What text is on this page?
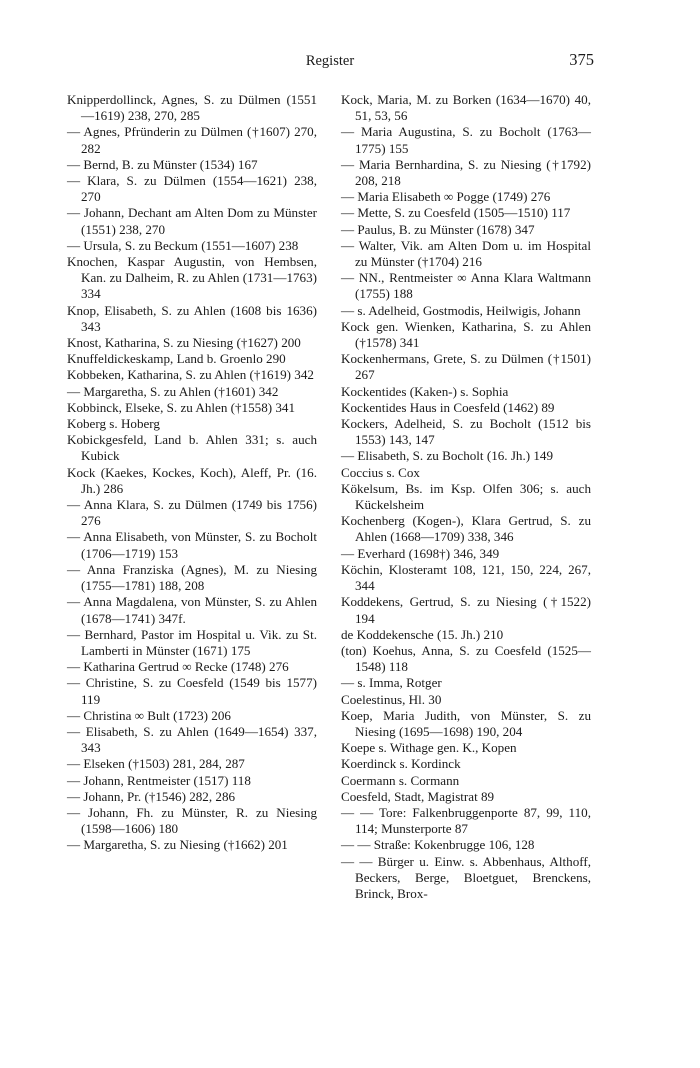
Register	375

Knipperdollinck, Agnes, S. zu Dülmen (1551—1619) 238, 270, 285

— Agnes, Pfründerin zu Dülmen (†1607) 270, 282

— Bernd, B. zu Münster (1534) 167

— Klara, S. zu Dülmen (1554—1621) 238, 270

— Johann, Dechant am Alten Dom zu Münster (1551) 238, 270

— Ursula, S. zu Beckum (1551—1607) 238

Knochen, Kaspar Augustin, von Hembsen, Kan. zu Dalheim, R. zu Ahlen (1731—1763) 334

Knop, Elisabeth, S. zu Ahlen (1608 bis 1636) 343

Knost, Katharina, S. zu Niesing (†1627) 200

Knuffeldickeskamp, Land b. Groenlo 290

Kobbeken, Katharina, S. zu Ahlen (†1619) 342

— Margaretha, S. zu Ahlen (†1601) 342

Kobbinck, Elseke, S. zu Ahlen (†1558) 341

Koberg s. Hoberg

Kobickgesfeld, Land b. Ahlen 331; s. auch Kubick

Kock (Kaekes, Kockes, Koch), Aleff, Pr. (16. Jh.) 286

— Anna Klara, S. zu Dülmen (1749 bis 1756) 276

— Anna Elisabeth, von Münster, S. zu Bocholt (1706—1719) 153

— Anna Franziska (Agnes), M. zu Niesing (1755—1781) 188, 208

— Anna Magdalena, von Münster, S. zu Ahlen (1678—1741) 347f.

— Bernhard, Pastor im Hospital u. Vik. zu St. Lamberti in Münster (1671) 175

— Katharina Gertrud ∞ Recke (1748) 276

— Christine, S. zu Coesfeld (1549 bis 1577) 119

— Christina ∞ Bult (1723) 206

— Elisabeth, S. zu Ahlen (1649—1654) 337, 343

— Elseken (†1503) 281, 284, 287

— Johann, Rentmeister (1517) 118

— Johann, Pr. (†1546) 282, 286

— Johann, Fh. zu Münster, R. zu Niesing (1598—1606) 180

— Margaretha, S. zu Niesing (†1662) 201

Kock, Maria, M. zu Borken (1634—1670) 40, 51, 53, 56

— Maria Augustina, S. zu Bocholt (1763—1775) 155

— Maria Bernhardina, S. zu Niesing (†1792) 208, 218

— Maria Elisabeth ∞ Pogge (1749) 276

— Mette, S. zu Coesfeld (1505—1510) 117

— Paulus, B. zu Münster (1678) 347

— Walter, Vik. am Alten Dom u. im Hospital zu Münster (†1704) 216

— NN., Rentmeister ∞ Anna Klara Waltmann (1755) 188

— s. Adelheid, Gostmodis, Heilwigis, Johann

Kock gen. Wienken, Katharina, S. zu Ahlen (†1578) 341

Kockenhermans, Grete, S. zu Dülmen (†1501) 267

Kockentides (Kaken-) s. Sophia

Kockentides Haus in Coesfeld (1462) 89

Kockers, Adelheid, S. zu Bocholt (1512 bis 1553) 143, 147

— Elisabeth, S. zu Bocholt (16. Jh.) 149

Coccius s. Cox

Kökelsum, Bs. im Ksp. Olfen 306; s. auch Kückelsheim

Kochenberg (Kogen-), Klara Gertrud, S. zu Ahlen (1668—1709) 338, 346

— Everhard (1698†) 346, 349

Köchin, Klosteramt 108, 121, 150, 224, 267, 344

Koddekens, Gertrud, S. zu Niesing (†1522) 194

de Koddekensche (15. Jh.) 210

(ton) Koehus, Anna, S. zu Coesfeld (1525—1548) 118

— s. Imma, Rotger

Coelestinus, Hl. 30

Koep, Maria Judith, von Münster, S. zu Niesing (1695—1698) 190, 204

Koepe s. Withage gen. K., Kopen

Koerdinck s. Kordinck

Coermann s. Cormann

Coesfeld, Stadt, Magistrat 89

— — Tore: Falkenbruggenporte 87, 99, 110, 114; Munsterporte 87

— — Straße: Kokenbrugge 106, 128

— — Bürger u. Einw. s. Abbenhaus, Althoff, Beckers, Berge, Bloetguet, Brenckens, Brinck, Brox-
